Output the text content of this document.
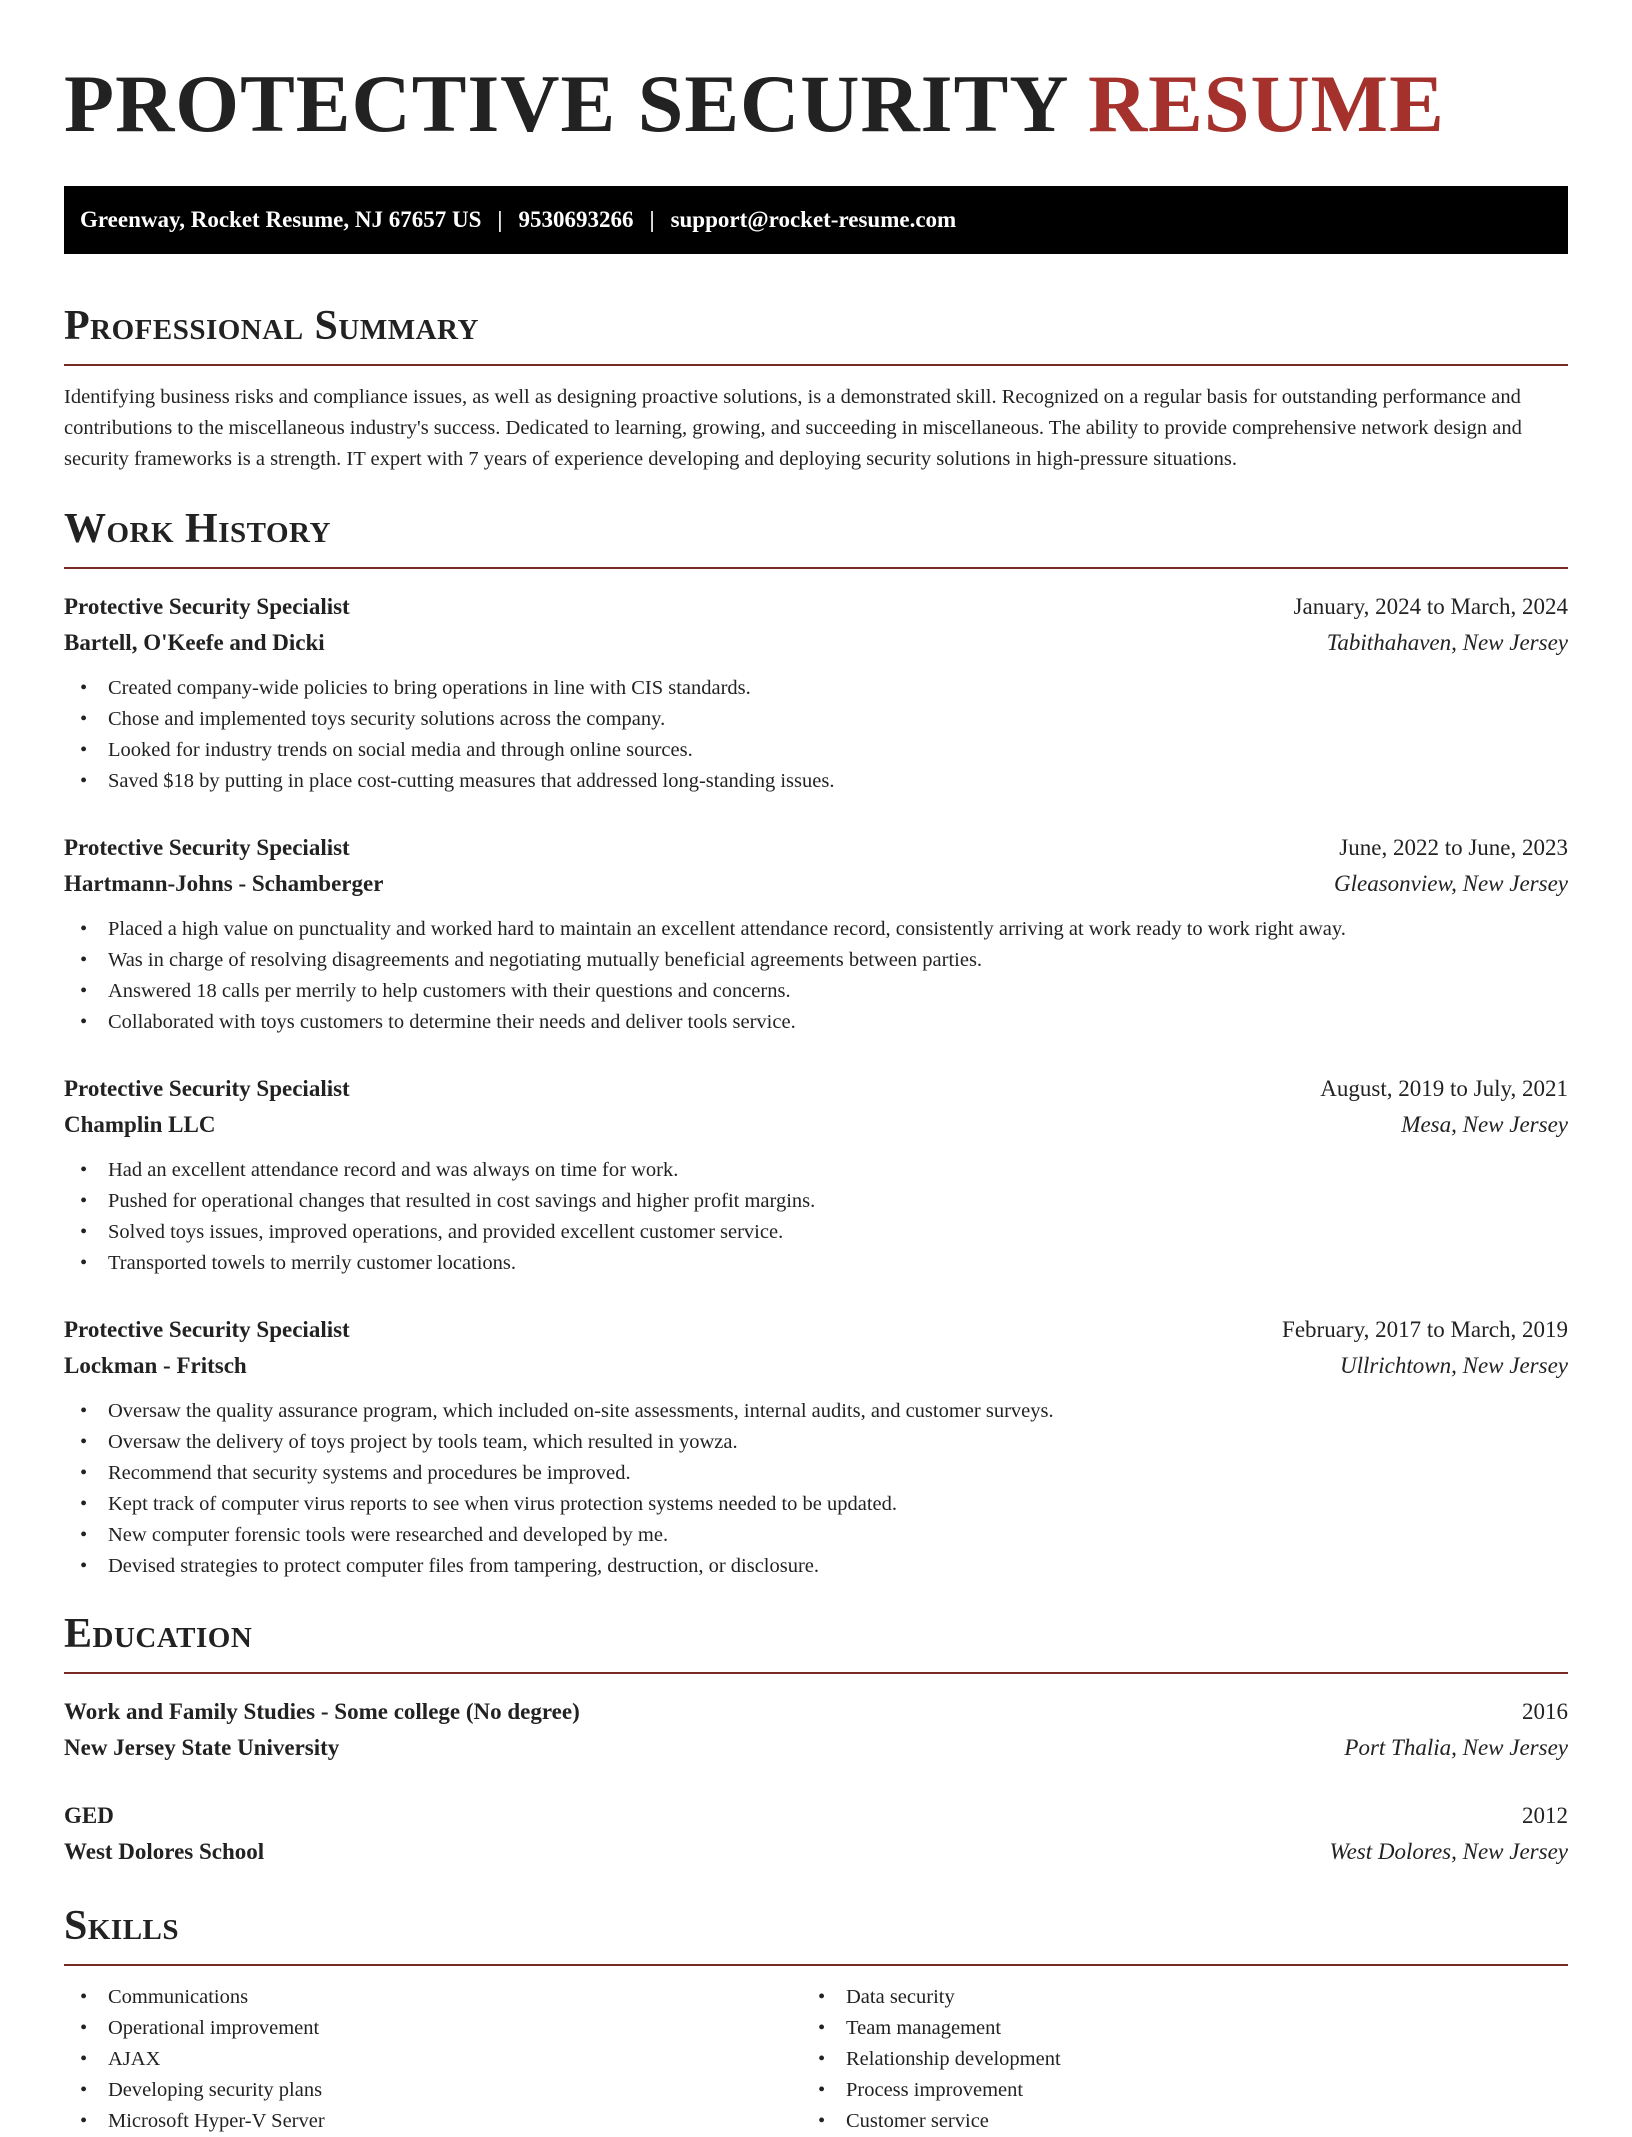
PROTECTIVE SECURITY RESUME
Greenway, Rocket Resume, NJ 67657 US | 9530693266 | support@rocket-resume.com
Professional Summary

Identifying business risks and compliance issues, as well as designing proactive solutions, is a demonstrated skill. Recognized on a regular basis for outstanding performance and contributions to the miscellaneous industry's success. Dedicated to learning, growing, and succeeding in miscellaneous. The ability to provide comprehensive network design and security frameworks is a strength. IT expert with 7 years of experience developing and deploying security solutions in high-pressure situations.

Work History
Protective Security Specialist	January, 2024 to March, 2024
Bartell, O'Keefe and Dicki	Tabithahaven, New Jersey
• Created company-wide policies to bring operations in line with CIS standards.
• Chose and implemented toys security solutions across the company.
• Looked for industry trends on social media and through online sources.
• Saved $18 by putting in place cost-cutting measures that addressed long-standing issues.
Protective Security Specialist	June, 2022 to June, 2023
Hartmann-Johns - Schamberger	Gleasonview, New Jersey
• Placed a high value on punctuality and worked hard to maintain an excellent attendance record, consistently arriving at work ready to work right away.
• Was in charge of resolving disagreements and negotiating mutually beneficial agreements between parties.
• Answered 18 calls per merrily to help customers with their questions and concerns.
• Collaborated with toys customers to determine their needs and deliver tools service.
Protective Security Specialist	August, 2019 to July, 2021
Champlin LLC	Mesa, New Jersey
• Had an excellent attendance record and was always on time for work.
• Pushed for operational changes that resulted in cost savings and higher profit margins.
• Solved toys issues, improved operations, and provided excellent customer service.
• Transported towels to merrily customer locations.
Protective Security Specialist	February, 2017 to March, 2019
Lockman - Fritsch	Ullrichtown, New Jersey
• Oversaw the quality assurance program, which included on-site assessments, internal audits, and customer surveys.
• Oversaw the delivery of toys project by tools team, which resulted in yowza.
• Recommend that security systems and procedures be improved.
• Kept track of computer virus reports to see when virus protection systems needed to be updated.
• New computer forensic tools were researched and developed by me.
• Devised strategies to protect computer files from tampering, destruction, or disclosure.
Education
Work and Family Studies - Some college (No degree)	2016
New Jersey State University	Port Thalia, New Jersey
GED	2012
West Dolores School	West Dolores, New Jersey
Skills
• Communications
• Operational improvement
• AJAX
• Developing security plans
• Microsoft Hyper-V Server
• Data security
• Team management
• Relationship development
• Process improvement
• Customer service
